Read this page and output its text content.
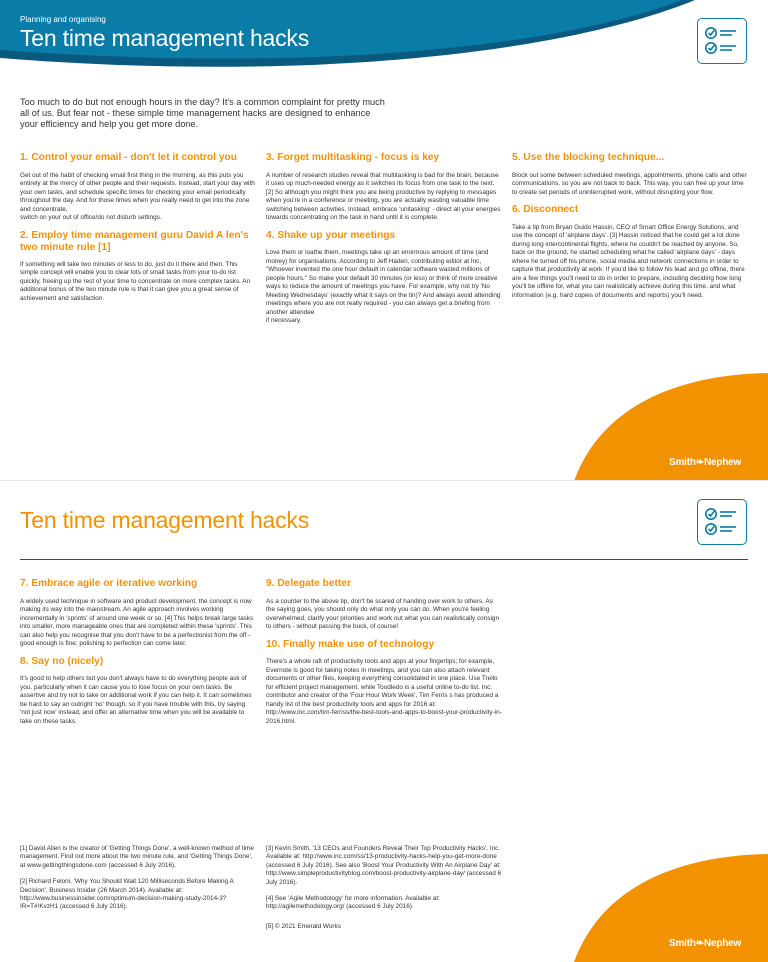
Planning and organising
Ten time management hacks

Too much to do but not enough hours in the day? It's a common complaint for pretty much all of us. But fear not - these simple time management hacks are designed to enhance your efficiency and help you get more done.

1. Control your email - don't let it control you

Get out of the habit of checking email first thing in the morning, as this puts you entirely at the mercy of other people and their requests. Instead, start your day with your own tasks, and schedule specific times for checking your email periodically throughout the day. And for those times when you really need to get into the zone and concentrate,
switch on your out of office/do not disturb settings.

2. Employ time management guru David A len's two minute rule [1]

If something will take two minutes or less to do, just do it there and then. This simple concept will enable you to clear lots of small tasks from your to-do list quickly, freeing up the rest of your time to concentrate on more complex tasks. An additional bonus of the two minute rule is that it can give you a great sense of achievement and satisfaction.

3. Forget multitasking - focus is key

A number of research studies reveal that multitasking is bad for the brain, because it uses up much-needed energy as it switches its focus from one task to the next. [2] So although you might think you are being productive by replying to messages when you're in a conference or meeting, you are actually wasting valuable time switching between activities. Instead, embrace 'unitasking' - direct all your energies towards concentrating on the task in hand until it is complete.

4. Shake up your meetings

Love them or loathe them, meetings take up an enormous amount of time (and money) for organisations. According to Jeff Haden, contributing editor at Inc, "Whoever invented the one hour default in calendar software wasted millions of people hours." So make your default 30 minutes (or less) or think of more creative ways to reduce the amount of meetings you have. For example, why not try 'No Meeting Wednesdays' (exactly what it says on the tin)? And always avoid attending meetings where you are not really required - you can always get a briefing from another attendee
if necessary.

5. Use the blocking technique...

Block out some between scheduled meetings, appointments, phone calls and other communications, so you are not back to back. This way, you can free up your time to create set periods of uninterrupted work, without disrupting your flow.

6. Disconnect

Take a tip from Bryan Guido Hassin, CEO of Smart Office Energy Solutions, and use the concept of 'airplane days'. [3] Hassin noticed that he could get a lot done during long intercontinental flights, where he couldn't be reached by anyone. So, back on the ground, he started scheduling what he called 'airplane days' - days where he turned off his phone, social media and network connections in order to capture that productivity at work. If you'd like to follow his lead and go offline, there are a few things you'll need to do in order to prepare, including deciding how long you'll be offline for, what you can realistically achieve during this time, and what information (e.g. hard copies of documents and reports) you'll need.

Smith❧Nephew
Ten time management hacks
7. Embrace agile or iterative working

A widely used technique in software and product development, the concept is now making its way into the mainstream. An agile approach involves working incrementally in 'sprints' of around one week or so. [4] This helps break large tasks into smaller, more manageable ones that are completed within these 'sprints'. This can also help you recognise that you don't have to be a perfectionist from the off - good enough is fine; polishing to perfection can come later.

8. Say no (nicely)

It's good to help others but you don't always have to do everything people ask of you, particularly when it can cause you to lose focus on your own tasks. Be assertive and try not to take on additional work if you can help it. It can sometimes be hard to say an outright 'no' though, so if you have trouble with this, try saying 'not just now' instead, and offer an alternative time when you will be available to take on these tasks.

9. Delegate better

As a counter to the above tip, don't be scared of handing over work to others. As the saying goes, you should only do what only you can do. When you're feeling overwhelmed, clarify your priorities and work out what you can realistically consign to others - without passing the buck, of course!

10. Finally make use of technology

There's a whole raft of productivity tools and apps at your fingertips; for example, Evernote is good for taking notes in meetings, and you can also attach relevant documents or other files, keeping everything consolidated in one place. Use Trello for efficient project management, while Toodledo is a useful online to-do list. Inc. contributor and creator of the 'Four Hour Work Week', Tim Ferris s has produced a handy list of the best productivity tools and apps for 2016 at: http://www.inc.com/tim-ferriss/the-best-tools-and-apps-to-boost-your-productivity-in-2016.html.

[1] David Allen is the creator of 'Getting Things Done', a well-known method of time management. Find out more about the two minute rule, and 'Getting Things Done', at www.gettingthingsdone.com (accessed 6 July 2016).

[2] Richard Feloni, 'Why You Should Wait 120 Milliseconds Before Making A Decision', Business Insider (26 March 2014). Available at: http://www.businessinsider.com/optimum-decision-making-study-2014-3?IR=T#!KvzH1 (accessed 6 July 2016).

[3] Kevin Smith, '13 CEOs and Founders Reveal Their Top Productivity Hacks', Inc. Available at: http://www.inc.com/ss/13-productivity-hacks-help-you-get-more-done (accessed 6 July 2016). See also 'Boost Your Productivity With An Airplane Day' at: http://www.simpleproductivityblog.com/boost-productivity-airplane-day/ (accessed 6 July 2016).

[4] See 'Agile Methodology' for more information. Available at: http://agilemethodology.org/ (accessed 6 July 2016).

[5] © 2021 Emerald Works

Smith❧Nephew
